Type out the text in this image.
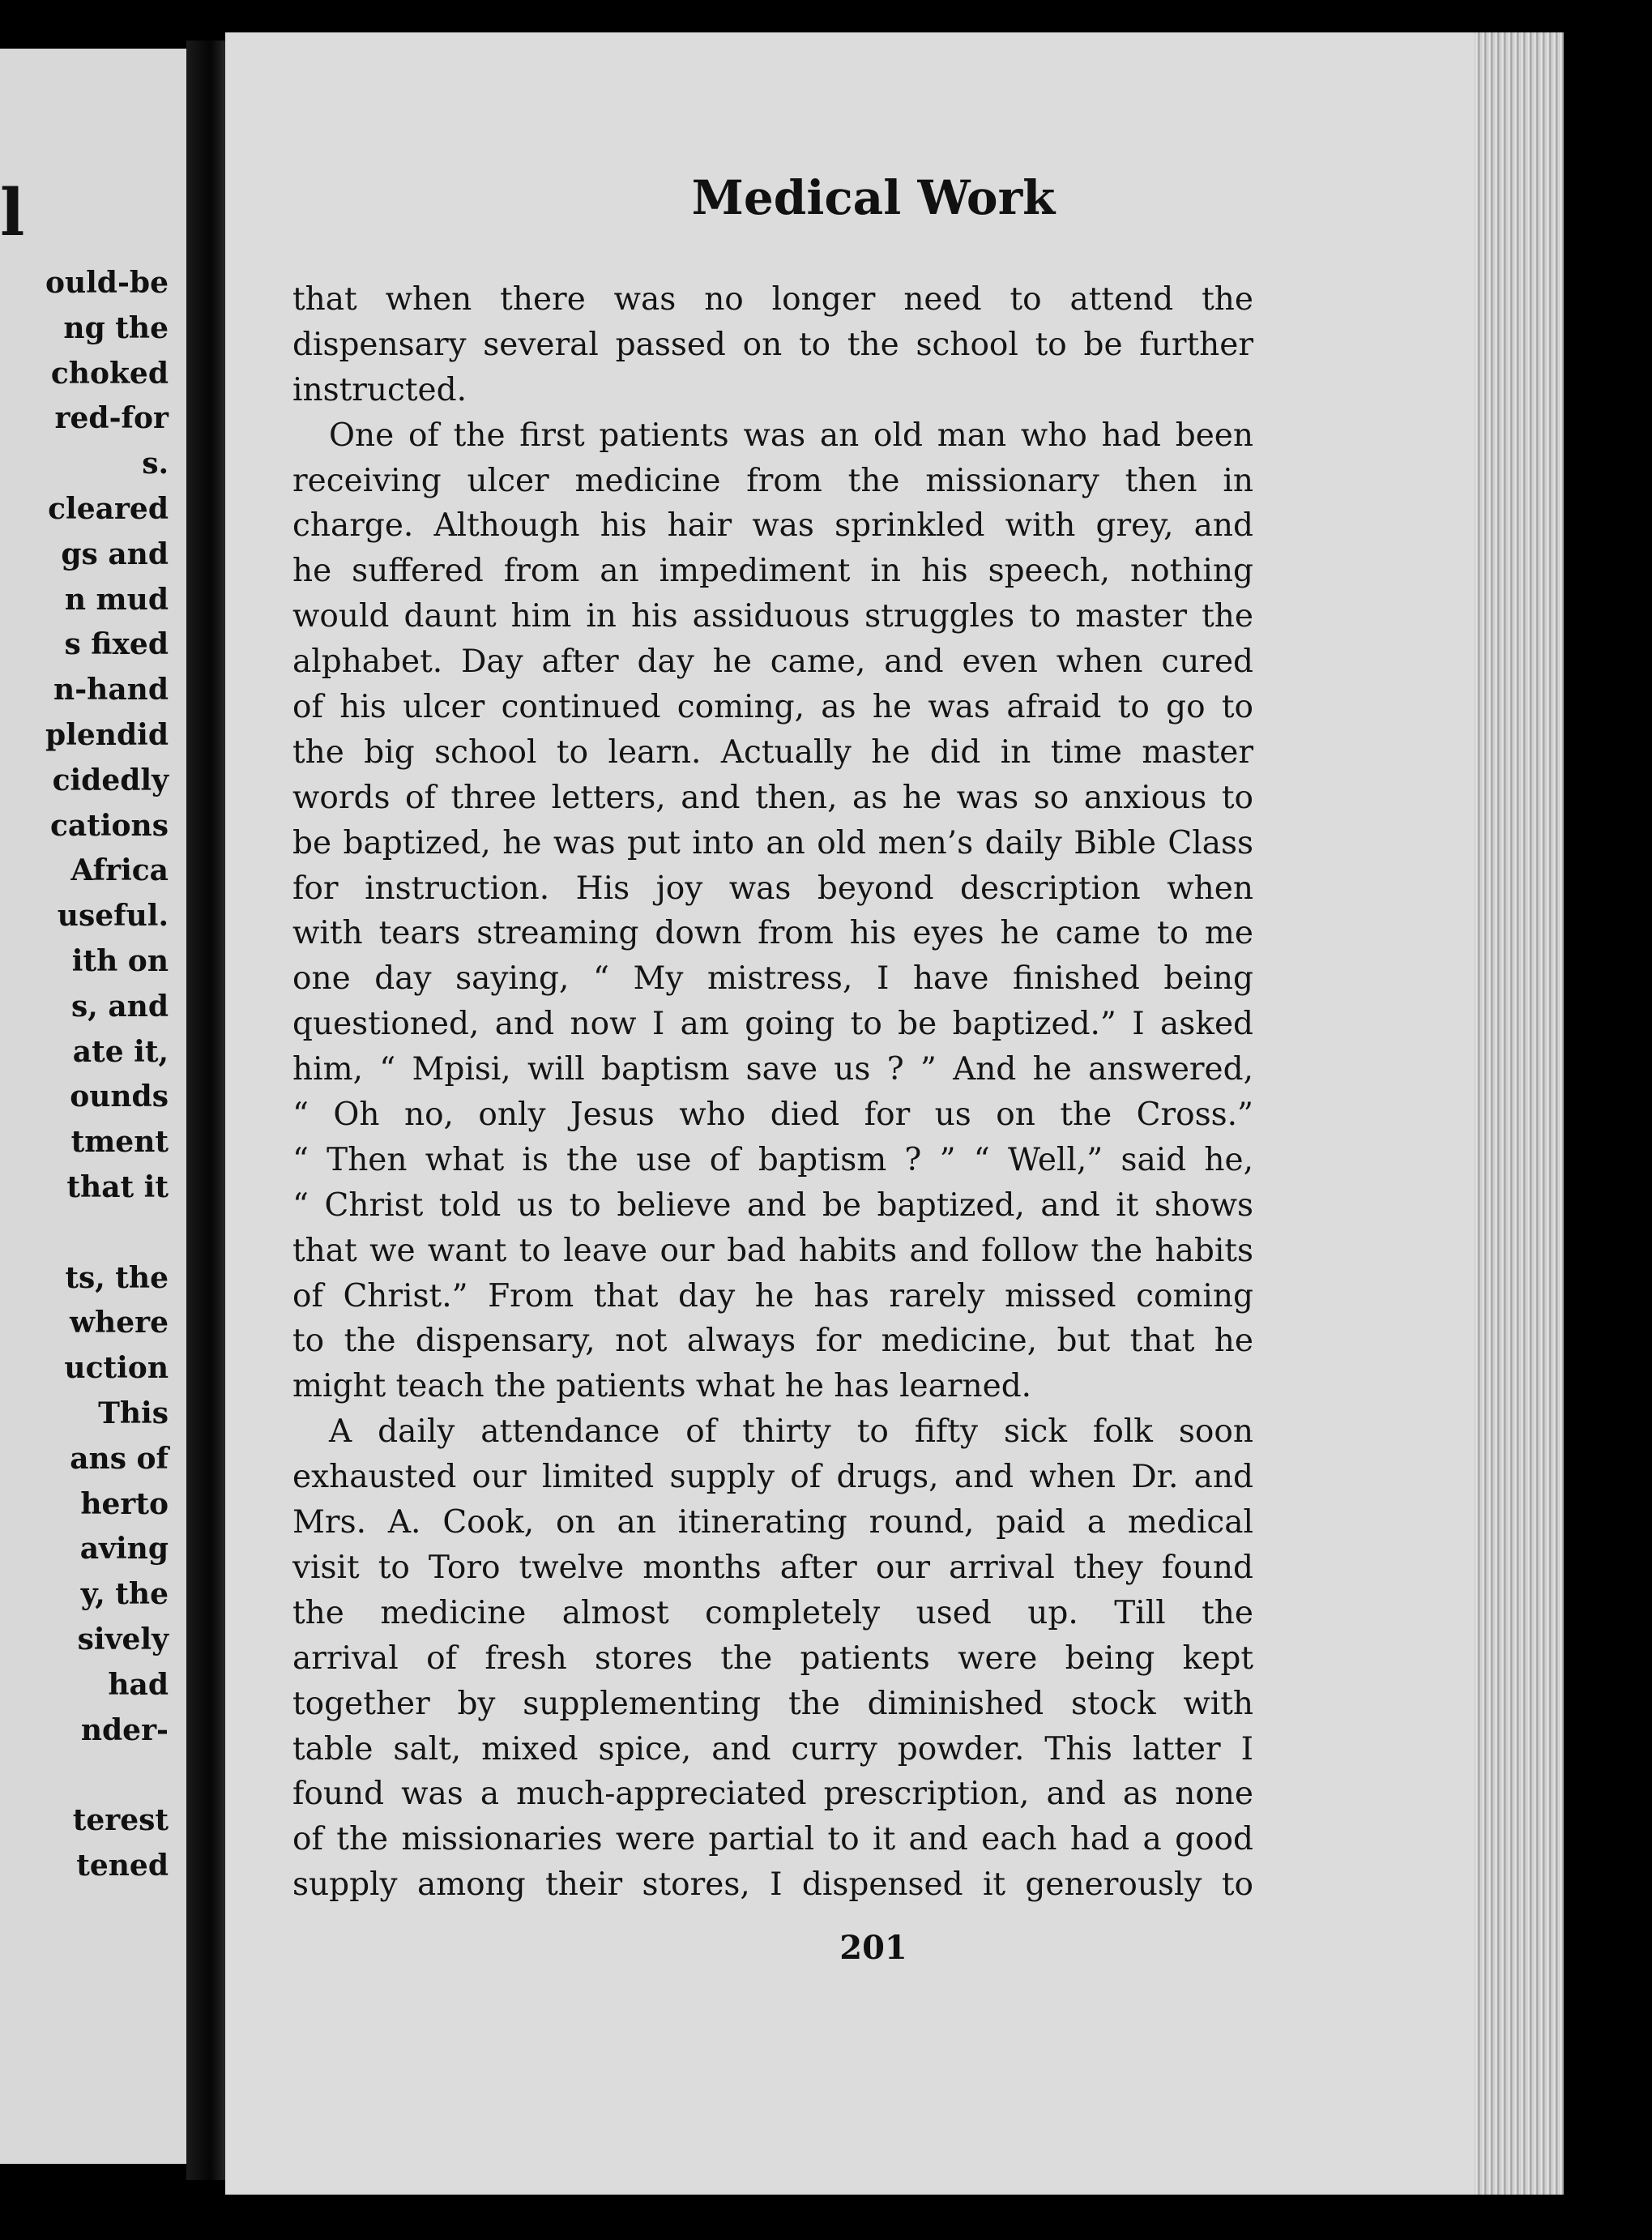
l
ould-be
ng the
choked
red-for
s.
cleared
gs and
n mud
s fixed
n-hand
plendid
cidedly
cations
Africa
useful.
ith on
s, and
ate it,
ounds
tment
that it
ts, the
where
uction
This
ans of
herto
aving
y, the
sively
had
nder-
terest
tened
Medical Work
that when there was no longer need to attend the
dispensary several passed on to the school to be further
instructed.
One of the first patients was an old man who had been
receiving ulcer medicine from the missionary then in
charge. Although his hair was sprinkled with grey, and
he suffered from an impediment in his speech, nothing
would daunt him in his assiduous struggles to master the
alphabet. Day after day he came, and even when cured
of his ulcer continued coming, as he was afraid to go to
the big school to learn. Actually he did in time master
words of three letters, and then, as he was so anxious to
be baptized, he was put into an old men’s daily Bible Class
for instruction. His joy was beyond description when
with tears streaming down from his eyes he came to me
one day saying, “ My mistress, I have finished being
questioned, and now I am going to be baptized.” I asked
him, “ Mpisi, will baptism save us ? ” And he answered,
“ Oh no, only Jesus who died for us on the Cross.”
“ Then what is the use of baptism ? ” “ Well,” said he,
“ Christ told us to believe and be baptized, and it shows
that we want to leave our bad habits and follow the habits
of Christ.” From that day he has rarely missed coming
to the dispensary, not always for medicine, but that he
might teach the patients what he has learned.
A daily attendance of thirty to fifty sick folk soon
exhausted our limited supply of drugs, and when Dr. and
Mrs. A. Cook, on an itinerating round, paid a medical
visit to Toro twelve months after our arrival they found
the medicine almost completely used up. Till the
arrival of fresh stores the patients were being kept
together by supplementing the diminished stock with
table salt, mixed spice, and curry powder. This latter I
found was a much-appreciated prescription, and as none
of the missionaries were partial to it and each had a good
supply among their stores, I dispensed it generously to
201
